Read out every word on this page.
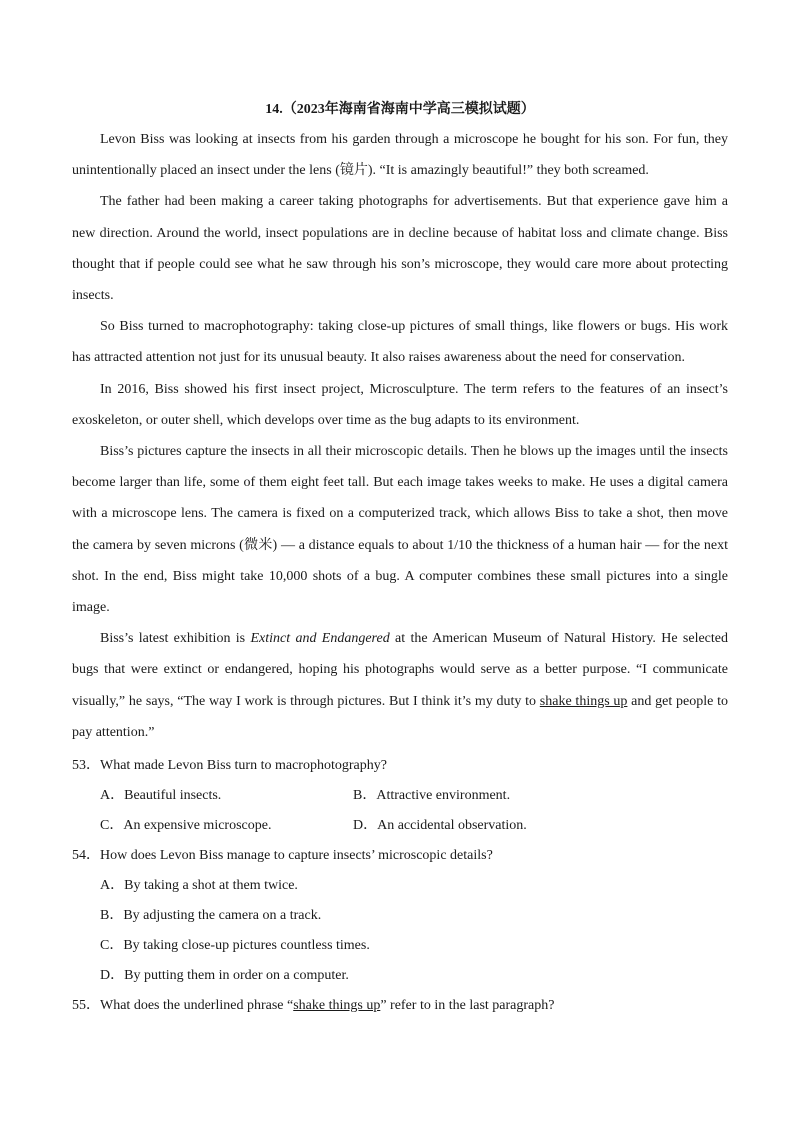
14.（2023年海南省海南中学高三模拟试题）

Levon Biss was looking at insects from his garden through a microscope he bought for his son. For fun, they unintentionally placed an insect under the lens (镜片). “It is amazingly beautiful!” they both screamed.

The father had been making a career taking photographs for advertisements. But that experience gave him a new direction. Around the world, insect populations are in decline because of habitat loss and climate change. Biss thought that if people could see what he saw through his son’s microscope, they would care more about protecting insects.

So Biss turned to macrophotography: taking close-up pictures of small things, like flowers or bugs. His work has attracted attention not just for its unusual beauty. It also raises awareness about the need for conservation.

In 2016, Biss showed his first insect project, Microsculpture. The term refers to the features of an insect’s exoskeleton, or outer shell, which develops over time as the bug adapts to its environment.

Biss’s pictures capture the insects in all their microscopic details. Then he blows up the images until the insects become larger than life, some of them eight feet tall. But each image takes weeks to make. He uses a digital camera with a microscope lens. The camera is fixed on a computerized track, which allows Biss to take a shot, then move the camera by seven microns (微米) — a distance equals to about 1/10 the thickness of a human hair — for the next shot. In the end, Biss might take 10,000 shots of a bug. A computer combines these small pictures into a single image.

Biss’s latest exhibition is Extinct and Endangered at the American Museum of Natural History. He selected bugs that were extinct or endangered, hoping his photographs would serve as a better purpose. “I communicate visually,” he says, “The way I work is through pictures. But I think it’s my duty to shake things up and get people to pay attention.”

53．What made Levon Biss turn to macrophotography?
A．Beautiful insects.	B．Attractive environment.
C．An expensive microscope.	D．An accidental observation.
54．How does Levon Biss manage to capture insects’ microscopic details?
A．By taking a shot at them twice.
B．By adjusting the camera on a track.
C．By taking close-up pictures countless times.
D．By putting them in order on a computer.
55．What does the underlined phrase “shake things up” refer to in the last paragraph?
